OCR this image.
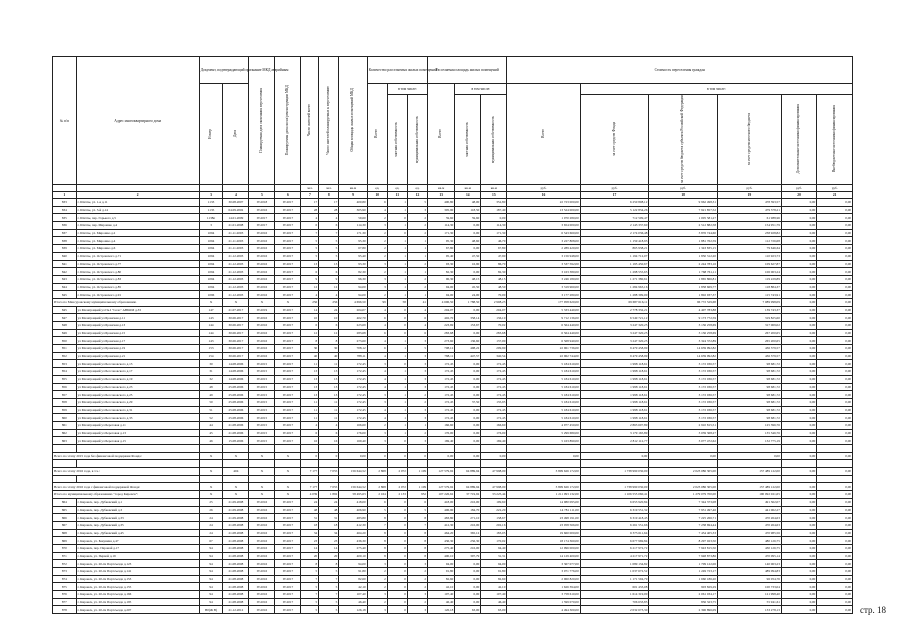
№ п/п	Адрес многоквартирного дома	Документ, подтверждающий признание МКД аварийным		Планируемая дата окончания переселения	Планируемая дата сноса/реконструкции МКД	Число жителей всего	Число жителей планируемых к переселению	Общая площадь жилых помещений МКД	Количество расселяемых жилых помещений			Расселяемая площадь жилых помещений			Стоимость переселения граждан					
		Номер	Дата						Всего	в том числе:		Всего	в том числе:		Всего	в том числе:				
										частная собственность	муниципальная собственность		частная собственность	муниципальная собственность		за счет средств Фонда	за счет средств бюджета субъекта Российской Федерации	за счет средств местного бюджета	Дополнительные источники финансирования	Внебюджетные источники финансирования
						чел.	чел.	кв.м	ед.	ед.	ед.	кв.м	кв.м	кв.м	руб.	руб.	руб.	руб.	руб.	руб.
1	2	3	4	5	6	7	8	9	10	11	12	13	14	15	16	17	18	19	20	21
833	г. Шахты, ул. 1-я д.11	1133	30.08.2007	IV.2018	IV.2017	17	17	400,80	6	1	5	400,80	48,00	352,80	22 723 000,00	6 250 808,12	9 962 498,31	478 393,57	0,00	0,00
834	г. Шахты, ул. 3-й д.14	1135	04.09.2002	IV.2016	IV.2017	28	28	305,90	4	1	3	305,90	118,50	187,40	13 524 000,00	5 122 834,26	7 921 857,52	479 378,21	0,00	0,00
835	г. Шахты, пер. Горького д.5	1138п	14.01.2009	IV.2017	IV.2017	4	4	59,60	2	0	2	59,60	59,60	0,00	1 070 280,00	712 509,47	1 005 581,27	61 988,96	0,00	0,00
836	г. Шахты, пер. Мирошко д.4	3	21.01.2008	IV.2017	IV.2017	6	6	114,30	3	1	2	114,30	0,00	114,30	3 654 000,00	2 143 337,60	2 512 882,58	154 951,79	0,00	0,00
837	г. Шахты, ул. Мирошко д.2	1094	21.11.2003	IV.2016	IV.2017	7	7	171,30	2	0	2	171,30	0,00	171,30	6 543 660,00	2 174 036,48	3 876 744,60	238 928,82	0,00	0,00
838	г. Шахты, ул. Мирошко д.4	1094	21.11.2003	IV.2016	IV.2017	5	5	95,30	2	1	1	95,30	48,60	46,70	3 227 808,00	1 159 418,93	1 881 762,59	112 726,68	0,00	0,00
839	г. Шахты, ул. Мирошко д.6	1094	21.11.2003	IV.2016	IV.2017	5	5	67,80	2	1	1	67,80	0,00	67,80	2 289 420,00	865 938,21	1 343 835,15	79 646,64	0,00	0,00
840	г. Шахты, ул. Островского д.71	1094	21.12.2003	IV.2016	IV.2017	5	5	95,40	2	1	1	95,40	47,50	47,90	3 156 948,00	1 194 712,07	1 850 312,20	110 923,73	0,00	0,00
841	г. Шахты, ул. Островского д.77	1094	21.12.2003	IV.2016	IV.2017	13	13	93,30	3	1	2	93,30	16,90	86,70	3 537 592,00	1 195 450,67	2 244 783,16	109 627,87	0,00	0,00
842	г. Шахты, ул. Островского д.80	1094	21.12.2003	IV.2016	IV.2017	6	6	82,30	2	1	1	82,30	0,00	82,30	3 163 380,00	1 298 555,65	1 768 761,11	106 063,24	0,00	0,00
843	г. Шахты, ул. Островского д.83	1094	21.12.2003	IV.2016	IV.2017	9	9	96,30	3	1	2	96,30	48,15	48,15	3 246 180,00	1 271 380,61	1 865 866,81	119 229,89	0,00	0,00
844	г. Шахты, ул. Островского д.85	1094	21.12.2003	IV.2016	IV.2017	12	12	94,00	3	1	2	94,00	45,50	48,50	3 319 960,00	1 284 963,16	1 858 669,77	118 884,37	0,00	0,00
845	г. Шахты, ул. Островского д.91	1096	21.12.2003	IV.2016	IV.2017	4	4	94,00	2	1	1	94,00	24,00	70,00	3 177 280,00	1 288 399,00	1 802 937,37	115 743,91	0,00	0,00
Итого по Мансуровскому муниципальному образованию		Х	Х	Х	Х	256	256	4 696,50	99	58	41	4 696,50	1 788,50	2 908,23	177 958 620,00	69 687 616,11	96 772 529,68	7 089 998,09	0,00	0,00
845	ул Малатрацкий ул Гм.I "Село" АВБОМ д.33	147	21.07.2017	IV.2019	IV.2017	14	24	204,07	4	0	4	204,07	0,00	204,07	5 333 440,00	2 778 332,21	4 407 783,88	139 743,37	0,00	0,00
847	ул Малатрацкий ул Бромская д.11	143	30.06.2017	IV.2016	IV.2017	10	10	402,70	6	0	6	402,70	358,14	136,10	9 712 136,00	6 549 721,12	9 173 772,59	319 825,60	0,00	0,00
848	ул Малатрацкий ул Бромская д.13	144	30.06.2017	IV.2016	IV.2017	6	6	223,69	4	0	4	223,69	153,67	70,02	6 564 440,00	3 247 320,25	3 136 258,69	317 069,02	0,00	0,00
849	ул Малатрацкий ул Бромская д.15	144	30.06.2017	IV.2016	IV.2017	12	12	283,68	6	0	6	283,68	0,00	283,68	6 564 440,00	3 247 320,25	3 136 258,69	267 200,65	0,00	0,00
850	ул Малатрацкий ул Бромская д.17	143	30.06.2017	IV.2016	IV.2017	8	8	273,60	4	1	3	273,60	136,60	137,00	6 568 940,00	3 247 320,25	3 324 372,89	265 200,65	0,00	0,00
851	ул Малатрацкий ул Бромская д.19	153	30.06.2017	IV.2016	IV.2017	30	30	708,12	6	1	5	708,12	498,22	209,90	22 961 736,00	9 479 458,99	14 639 992,82	436 379,57	0,00	0,00
852	ул Малатрацкий ул Бромская д.21	154	30.06.2017	IV.2016	IV.2017	40	40	788,11	4	1	3	788,11	447,57	340,54	22 962 744,00	9 479 458,99	14 639 992,82	436 379,57	0,00	0,00
853	ул Малатрацкий ул Бессоновского д.13	30	14.08.2006	IV.2015	IV.2017	11	11	172,45	3	0	3	172,45	0,00	172,45	5 184 610,00	1 998 118,61	3 172 036,57	98 681,72	0,00	0,00
854	ул Малатрацкий ул Бессоновского д.17	31	14.08.2006	IV.2015	IV.2017	13	13	172,45	4	1	3	172,45	0,00	172,45	5 184 610,00	1 998 118,61	3 172 036,57	98 681,72	0,00	0,00
855	ул Малатрацкий ул Бессоновского д.19	32	14.08.2006	IV.2015	IV.2017	13	13	172,45	4	1	3	172,45	0,00	172,45	5 184 610,00	1 998 118,61	3 172 036,57	98 681,72	0,00	0,00
856	ул Малатрацкий ул Бессоновского д.23	48	25.08.2006	IV.2015	IV.2017	13	13	172,45	4	1	3	172,45	0,00	172,45	5 184 610,00	1 998 118,61	3 172 036,57	98 681,72	0,00	0,00
857	ул Малатрацкий ул Бессоновского д.25	49	25.08.2006	IV.2015	IV.2017	13	13	172,45	3	1	2	172,45	0,00	172,45	5 184 610,00	1 998 118,61	3 172 036,57	98 681,72	0,00	0,00
858	ул Малатрацкий ул Бессоновского д.29	50	25.08.2006	IV.2015	IV.2017	11	11	172,45	3	1	2	172,45	37,50	135,95	5 184 610,00	1 998 118,61	3 172 036,57	98 681,72	0,00	0,00
859	ул Малатрацкий ул Бессоновского д.31	51	25.08.2006	IV.2015	IV.2017	11	11	172,45	4	1	3	172,45	0,00	172,45	5 184 610,00	1 998 118,61	3 172 036,57	98 681,72	0,00	0,00
860	ул Малатрацкий ул Бессоновского д.33	52	25.08.2006	IV.2015	IV.2017	11	11	172,45	4	1	3	172,45	0,00	172,45	5 184 610,00	1 998 118,61	3 172 036,57	98 681,72	0,00	0,00
861	ул Малатрацкий ул Береговая д.11	44	21.08.2006	IV.2015	IV.2017	4	4	166,60	2	1	1	166,60	0,00	166,60	4 977 450,00	2 863 607,89	2 910 815,51	125 396,76	0,00	0,00
862	ул Малатрацкий ул Береговая д.13	45	21.08.2006	IV.2015	IV.2017	6	6	176,00	3	1	2	176,00	0,00	176,00	5 299 680,00	3 179 165,89	3 039 368,27	135 346,76	0,00	0,00
863	ул Малатрацкий ул Береговая д.15	46	15.08.2006	IV.2015	IV.2017	16	16	169,40	3	0	3	169,40	0,00	169,40	5 163 890,00	2 812 112,77	3 077 472,62	132 775,19	0,00	0,00

Всего по этапу 2015 года без финансовой поддержки Фонда:		Х	Х	Х	Х	0	0	0,00	0	0	0	0,00	0,00	0,00	0,00	0,00	0,00	0,00	0,00	0,00

Всего по этапу 2016 года, в т.ч.:		Х	404	Х	Х	7 177	7 055	156 644,52	2 868	2 072	1 109	127 579,92	64 889,94	47 998,00	3 809 626 172,00	1 738 990 030,00	2 023 086 305,00	157 489 122,00	0,00	0,00

Всего по этапу 2016 года с финансовой поддержкой Фонда:		Х	Х	Х	Х	7 177	7 055	156 644,52	2 868	2 072	1 109	127 579,92	64 889,94	47 998,00	3 809 626 172,00	1 738 990 030,00	2 023 086 305,00	157 489 122,00	0,00	0,00
Итого по муниципальному образованию "город Кировск":		Х	Х	Х	Х	4 039	1 892	58 495,63	2 164	2 133	952	107 226,62	37 719,92	33 225,44	1 211 093 132,00	1 106 555 060,41	1 279 079 700,00	190 092 021,65	0,00	0,00
864	г. Кировск, пер. Дубковский д.1	25	21.09.2008	IV.2016	IV.2017	24	24	418,00	6	0	6	418,00	216,00	199,60	14 980 095,00	6 653 920,84	7 344 373,08	491 362,07	0,00	0,00
865	г. Кировск, пер. Дубковский д.3	26	21.09.2008	IV.2016	IV.2017	48	48	406,90	5	0	5	406,90	184,70	222,20	14 781 111,00	6 319 551,32	7 931 497,46	441 062,27	0,00	0,00
866	г. Кировск, пер. Дубковский д.33	24	21.09.2008	IV.2016	IV.2017	31	31	483,80	8	0	8	483,80	271,10	138,67	23 498 191,00	6 319 418,45	7 225 266,71	470 264,63	0,00	0,00
867	г. Кировск, пер. Дубковский д.35	24	21.08.2008	IV.2016	IV.2017	18	18	412,30	7	0	7	412,30	216,00	202,16	23 058 566,00	6 261 551,66	7 238 694,44	470 264,63	0,00	0,00
868	г. Кировск, пер. Дубковский д.45	24	21.08.2008	IV.2016	IV.2017	34	34	464,20	8	0	8	464,20	365,12	183,05	19 660 000,00	6 375 611,64	7 454 405,33	470 985,56	0,00	0,00
869	г. Кировск, ул. Бакунина д.47	67	21.08.2008	IV.2016	IV.2017	23	23	436,30	8	0	8	436,30	256,30	170,02	18 174 360,00	6 677 969,84	8 297 023,50	480 126,75	0,00	0,00
870	г. Кировск, пер. Паровой д.17	94	21.08.2008	IV.2016	IV.2017	14	14	275,40	8	0	8	275,40	216,00	94,40	12 096 000,00	6 217 972,72	7 943 815,50	430 126,75	0,00	0,00
871	г. Кировск, ул. Первой д.19	94	21.08.2008	IV.2016	IV.2017	20	20	400,10	8	0	8	400,10	397,79	31,31	14 129 400,00	4 217 971,72	7 948 873,86	470 095,14	0,00	0,00
872	г. Кировск, ул. 20-ти Партсъезда д.123	94	21.08.2008	IV.2016	IV.2017	8	8	94,00	3	0	3	94,00	0,00	94,00	3 367 077,00	1 089 134,82	1 709 122,06	140 063,23	0,00	0,00
873	г. Кировск, ул. 20-ти Партсъезда д.141	94	21.08.2008	IV.2016	IV.2017	5	5	91,80	2	0	2	91,80	0,00	91,80	3 071 776,00	1 037 672,52	1 249 723,17	489 094,83	0,00	0,00
874	г. Кировск, ул. 20-ти Партсъезда д.153	94	21.08.2008	IV.2016	IV.2017	7	7	82,60	2	0	2	82,60	0,00	82,60	2 960 820,00	1 171 594,79	1 660 186,20	96 054,76	0,00	0,00
875	г. Кировск, ул. 20-ти Партсъезда д.155	94	21.08.2008	IV.2016	IV.2017	5	5	42,10	2	0	2	42,10	0,00	42,10	1 626 394,00	601 433,08	903 829,29	100 733,04	0,00	0,00
876	г. Кировск, ул. 20-ти Партсъезда д.166	94	21.08.2008	IV.2016	IV.2017	7	7	107,40	3	0	3	107,40	0,00	107,40	3 758 610,00	1 614 319,00	2 061 034,17	121 998,40	0,00	0,00
877	г. Кировск, ул. 20-ти Партсъезда д.195	94	21.08.2008	IV.2016	IV.2017	5	5	46,40	2	0	2	46,40	0,00	46,40	1 599 070,00	706 633,85	836 323,75	55 941,61	0,00	0,00
878	г. Кировск, ул. 20-ти Партсъезда д.207	В0(Ж В)	21.12.2012	IV.2016	IV.2017	5	5	126,18	3	0	3	126,18	63,00	63,00	4 494 300,00	2 032 673,30	2 396 896,09	133 278,13	0,00	0,00 стр. 18
